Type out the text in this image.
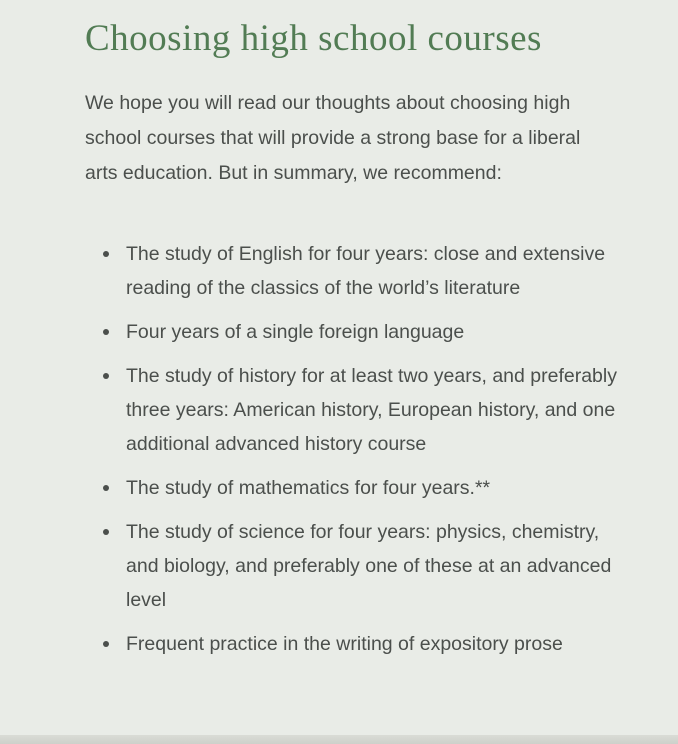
Choosing high school courses

We hope you will read our thoughts about choosing high school courses that will provide a strong base for a liberal arts education. But in summary, we recommend:

The study of English for four years: close and extensive reading of the classics of the world’s literature
Four years of a single foreign language
The study of history for at least two years, and preferably three years: American history, European history, and one additional advanced history course
The study of mathematics for four years.**
The study of science for four years: physics, chemistry, and biology, and preferably one of these at an advanced level
Frequent practice in the writing of expository prose
